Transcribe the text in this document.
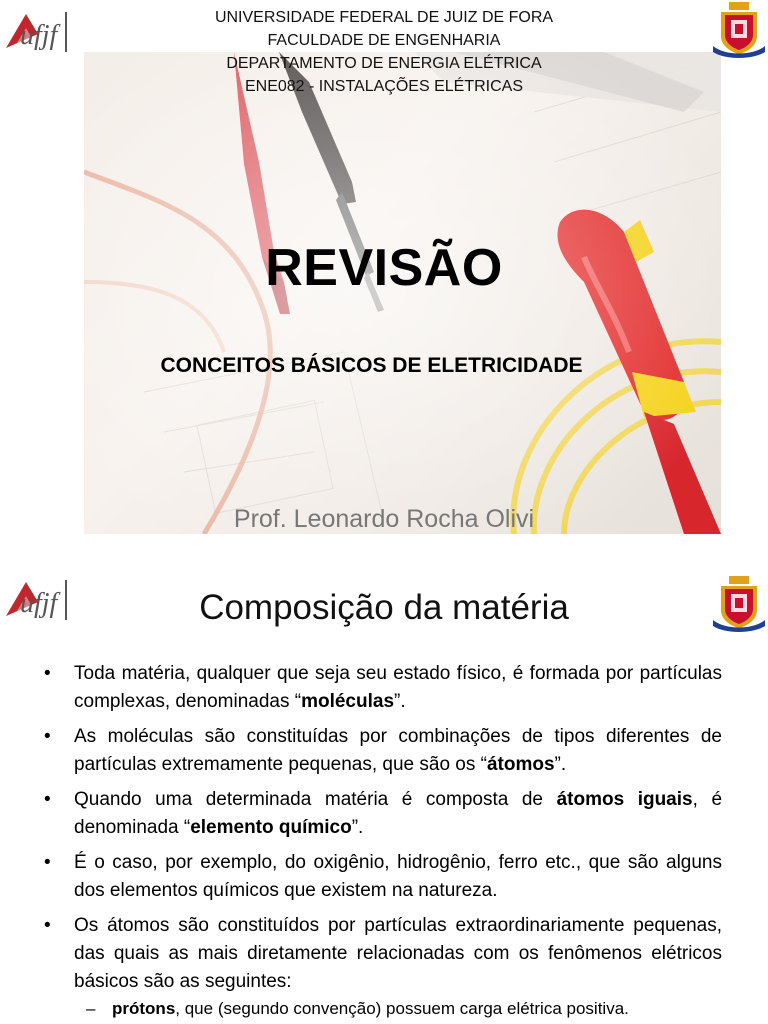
ufjf
UNIVERSIDADE FEDERAL DE JUIZ DE FORA
FACULDADE DE ENGENHARIA
DEPARTAMENTO DE ENERGIA ELÉTRICA
ENE082 - INSTALAÇÕES ELÉTRICAS
REVISÃO
CONCEITOS BÁSICOS DE ELETRICIDADE
Prof. Leonardo Rocha Olivi
ufjf	Composição da matéria
• Toda matéria, qualquer que seja seu estado físico, é formada por partículas complexas, denominadas “moléculas”.
• As moléculas são constituídas por combinações de tipos diferentes de partículas extremamente pequenas, que são os “átomos”.
• Quando uma determinada matéria é composta de átomos iguais, é denominada “elemento químico”.
• É o caso, por exemplo, do oxigênio, hidrogênio, ferro etc., que são alguns dos elementos químicos que existem na natureza.
• Os átomos são constituídos por partículas extraordinariamente pequenas, das quais as mais diretamente relacionadas com os fenômenos elétricos básicos são as seguintes:
– prótons, que (segundo convenção) possuem carga elétrica positiva.
